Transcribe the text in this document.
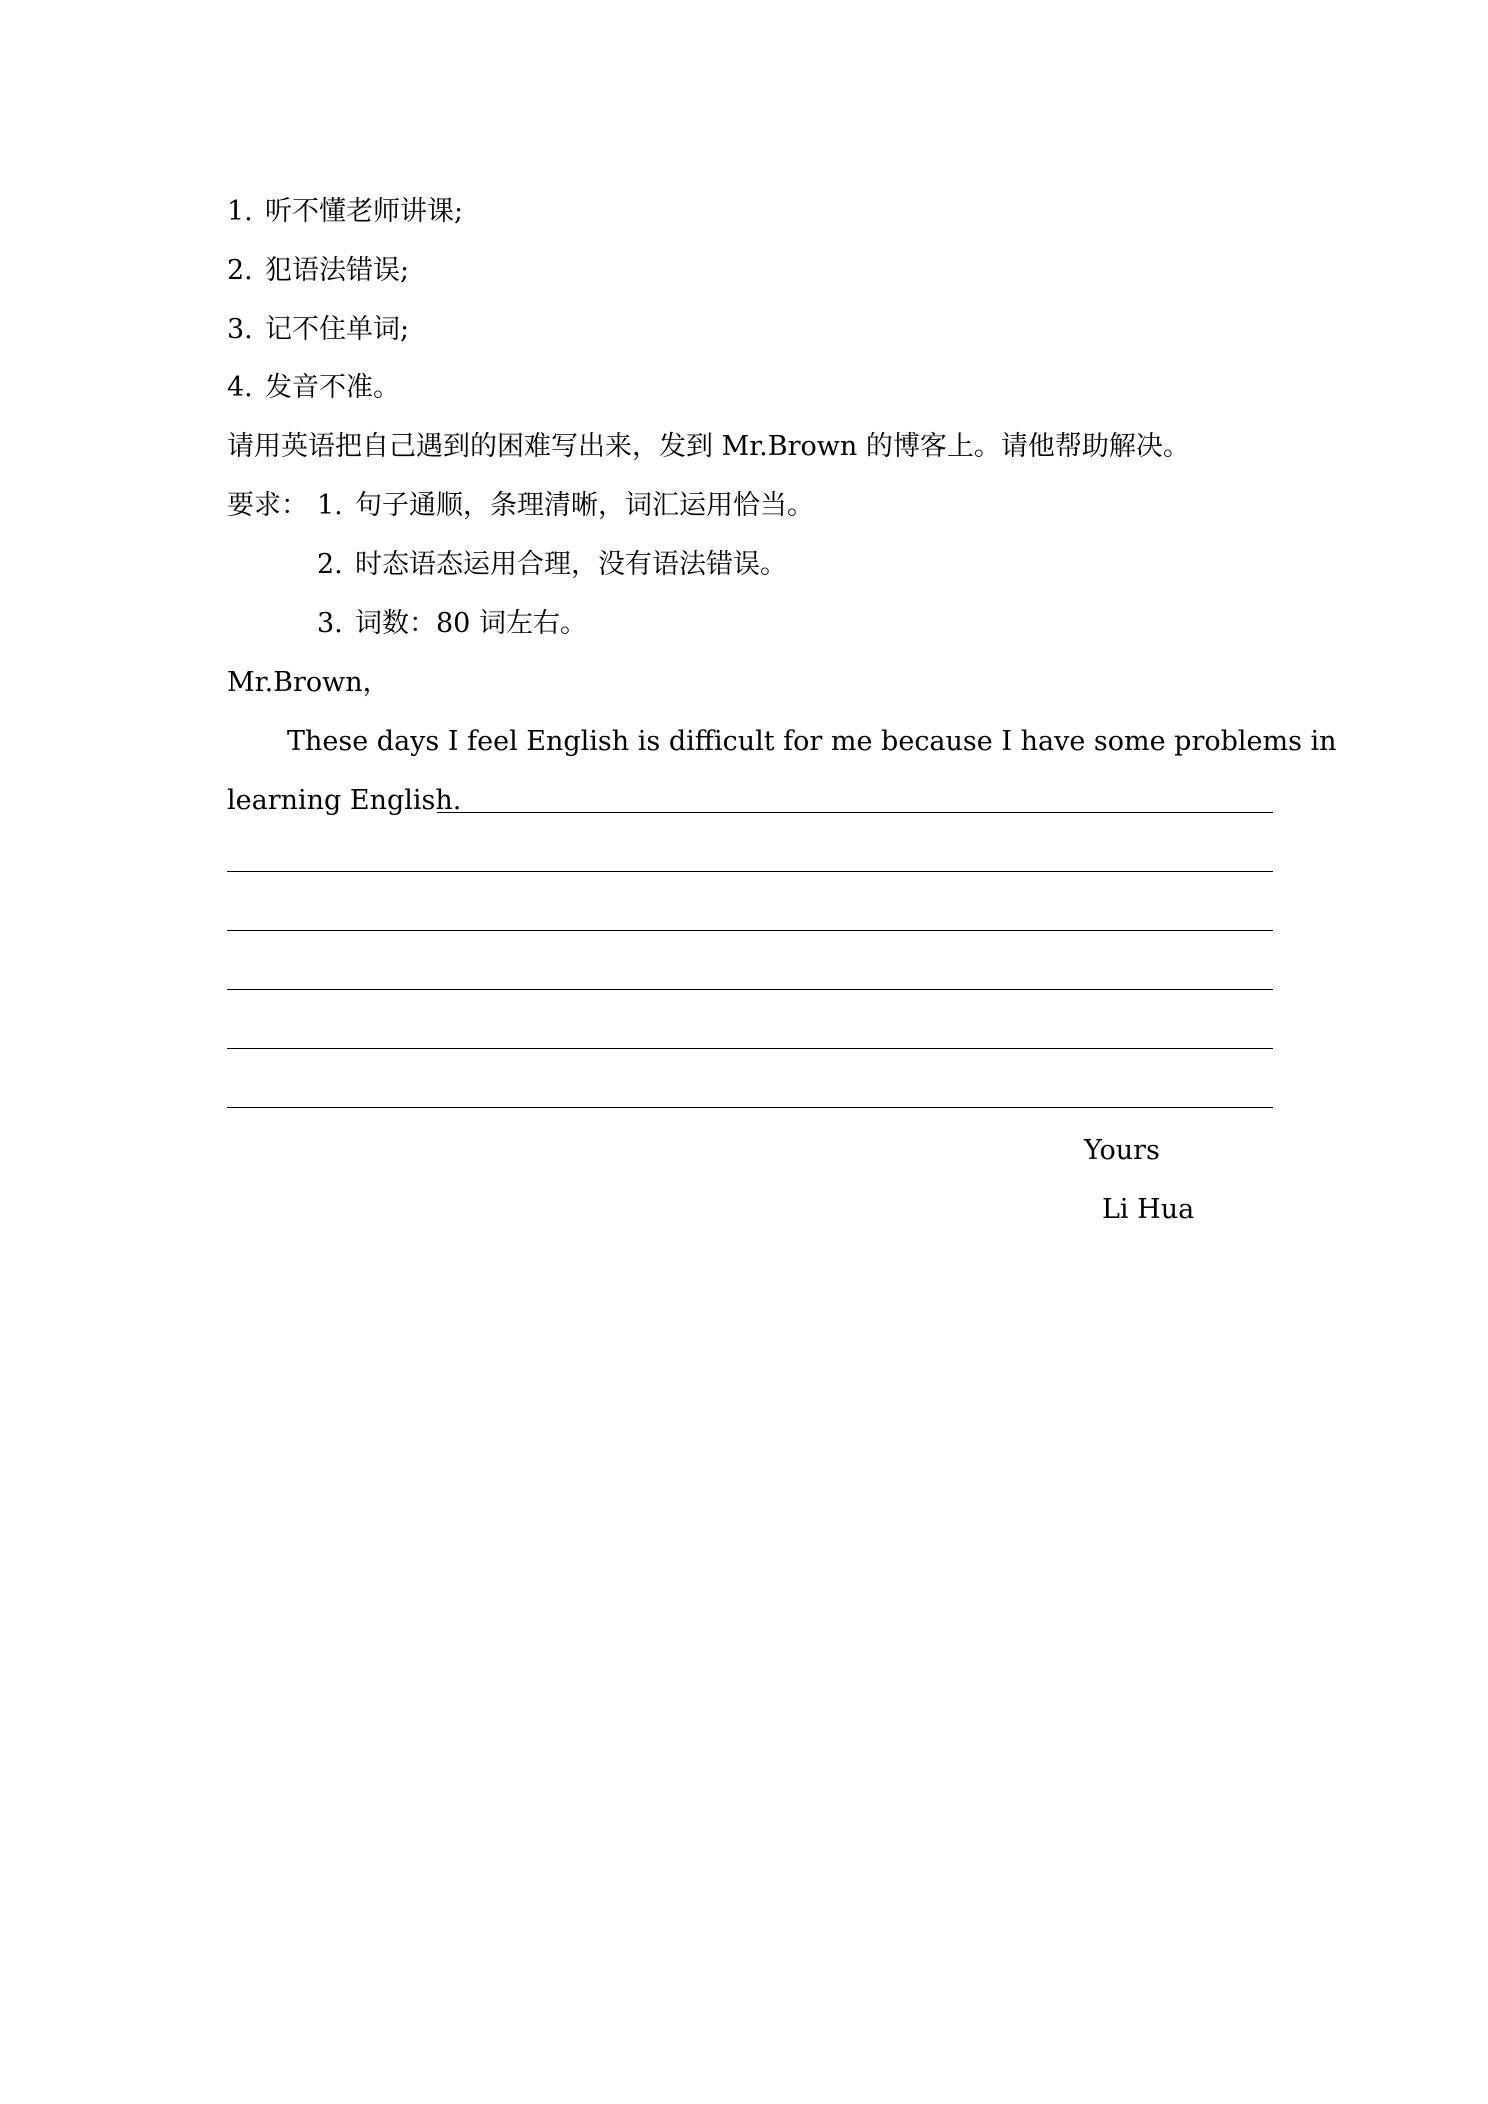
1. 听不懂老师讲课;
2. 犯语法错误;
3. 记不住单词;
4. 发音不准。
请用英语把自己遇到的困难写出来，发到 Mr.Brown 的博客上。请他帮助解决。
要求： 1. 句子通顺，条理清晰，词汇运用恰当。
2. 时态语态运用合理，没有语法错误。
3. 词数：80 词左右。
Mr.Brown，
These days I feel English is difficult for me because I have some problems in
learning English.
Yours
Li Hua
